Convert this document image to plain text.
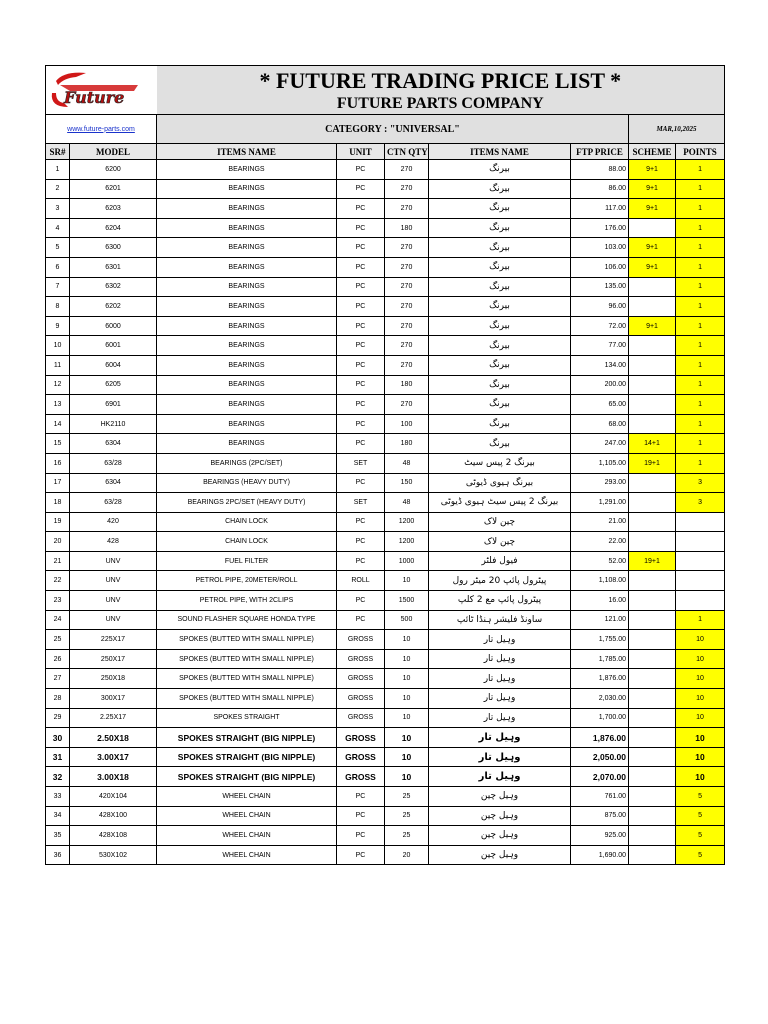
Future		* FUTURE TRADING PRICE LIST *
FUTURE PARTS COMPANY						

www.future-parts.com		CATEGORY : "UNIVERSAL"					MAR,10,2025	
SR#	MODEL	ITEMS NAME	UNIT	CTN QTY	ITEMS NAME	FTP PRICE	SCHEME	POINTS
1	6200	BEARINGS	PC	270	بیرنگ	88.00	9+1	1
2	6201	BEARINGS	PC	270	بیرنگ	86.00	9+1	1
3	6203	BEARINGS	PC	270	بیرنگ	117.00	9+1	1
4	6204	BEARINGS	PC	180	بیرنگ	176.00		1
5	6300	BEARINGS	PC	270	بیرنگ	103.00	9+1	1
6	6301	BEARINGS	PC	270	بیرنگ	106.00	9+1	1
7	6302	BEARINGS	PC	270	بیرنگ	135.00		1
8	6202	BEARINGS	PC	270	بیرنگ	96.00		1
9	6000	BEARINGS	PC	270	بیرنگ	72.00	9+1	1
10	6001	BEARINGS	PC	270	بیرنگ	77.00		1
11	6004	BEARINGS	PC	270	بیرنگ	134.00		1
12	6205	BEARINGS	PC	180	بیرنگ	200.00		1
13	6901	BEARINGS	PC	270	بیرنگ	65.00		1
14	HK2110	BEARINGS	PC	100	بیرنگ	68.00		1
15	6304	BEARINGS	PC	180	بیرنگ	247.00	14+1	1
16	63/28	BEARINGS (2PC/SET)	SET	48	بیرنگ 2 پیس سیٹ	1,105.00	19+1	1
17	6304	BEARINGS (HEAVY DUTY)	PC	150	بیرنگ ہیوی ڈیوٹی	293.00		3
18	63/28	BEARINGS 2PC/SET (HEAVY DUTY)	SET	48	بیرنگ 2 پیس سیٹ ہیوی ڈیوٹی	1,291.00		3
19	420	CHAIN LOCK	PC	1200	چین لاک	21.00		
20	428	CHAIN LOCK	PC	1200	چین لاک	22.00		
21	UNV	FUEL FILTER	PC	1000	فیول فلٹر	52.00	19+1	
22	UNV	PETROL PIPE, 20METER/ROLL	ROLL	10	پیٹرول پائپ 20 میٹر رول	1,108.00		
23	UNV	PETROL PIPE, WITH 2CLIPS	PC	1500	پیٹرول پائپ مع 2 کلپ	16.00		
24	UNV	SOUND FLASHER SQUARE HONDA TYPE	PC	500	ساونڈ فلیشر ہنڈا ٹائپ	121.00		1
25	225X17	SPOKES (BUTTED WITH SMALL NIPPLE)	GROSS	10	وہیل تار	1,755.00		10
26	250X17	SPOKES (BUTTED WITH SMALL NIPPLE)	GROSS	10	وہیل تار	1,785.00		10
27	250X18	SPOKES (BUTTED WITH SMALL NIPPLE)	GROSS	10	وہیل تار	1,876.00		10
28	300X17	SPOKES (BUTTED WITH SMALL NIPPLE)	GROSS	10	وہیل تار	2,030.00		10
29	2.25X17	SPOKES STRAIGHT	GROSS	10	وہیل تار	1,700.00		10
30	2.50X18	SPOKES STRAIGHT (BIG NIPPLE)	GROSS	10	وہیل تار	1,876.00		10
31	3.00X17	SPOKES STRAIGHT (BIG NIPPLE)	GROSS	10	وہیل تار	2,050.00		10
32	3.00X18	SPOKES STRAIGHT (BIG NIPPLE)	GROSS	10	وہیل تار	2,070.00		10
33	420X104	WHEEL CHAIN	PC	25	وہیل چین	761.00		5
34	428X100	WHEEL CHAIN	PC	25	وہیل چین	875.00		5
35	428X108	WHEEL CHAIN	PC	25	وہیل چین	925.00		5
36	530X102	WHEEL CHAIN	PC	20	وہیل چین	1,690.00		5
